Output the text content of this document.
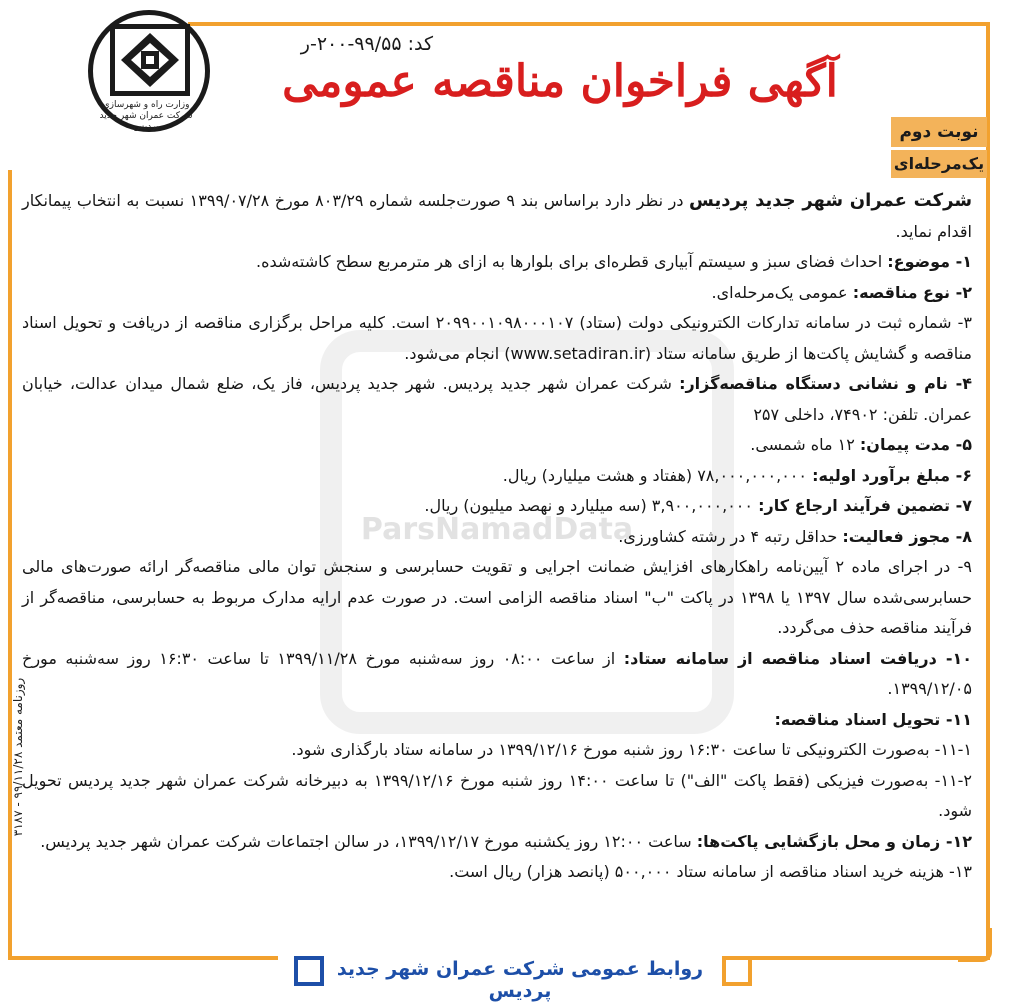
وزارت راه و شهرسازی شرکت عمران شهر جدید پردیس
کد: ۹۹/۵۵-۲۰۰-ر
آگهی فراخوان مناقصه عمومی
نوبت دوم
یک‌مرحله‌ای
ParsNamadData

شرکت عمران شهر جدید پردیس در نظر دارد براساس بند ۹ صورت‌جلسه شماره ۸۰۳/۲۹ مورخ ۱۳۹۹/۰۷/۲۸ نسبت به انتخاب پیمانکار اقدام نماید.

۱- موضوع: احداث فضای سبز و سیستم آبیاری قطره‌ای برای بلوارها به ازای هر مترمربع سطح کاشته‌شده.

۲- نوع مناقصه: عمومی یک‌مرحله‌ای.

۳- شماره ثبت در سامانه تدارکات الکترونیکی دولت (ستاد) ۲۰۹۹۰۰۱۰۹۸۰۰۰۱۰۷ است. کلیه مراحل برگزاری مناقصه از دریافت و تحویل اسناد مناقصه و گشایش پاکت‌ها از طریق سامانه ستاد (www.setadiran.ir) انجام می‌شود.

۴- نام و نشانی دستگاه مناقصه‌گزار: شرکت عمران شهر جدید پردیس. شهر جدید پردیس، فاز یک، ضلع شمال میدان عدالت، خیابان عمران. تلفن: ۷۴۹۰۲، داخلی ۲۵۷

۵- مدت پیمان: ۱۲ ماه شمسی.

۶- مبلغ برآورد اولیه: ۷۸,۰۰۰,۰۰۰,۰۰۰ (هفتاد و هشت میلیارد) ریال.

۷- تضمین فرآیند ارجاع کار: ۳,۹۰۰,۰۰۰,۰۰۰ (سه میلیارد و نهصد میلیون) ریال.

۸- مجوز فعالیت: حداقل رتبه ۴ در رشته کشاورزی.

۹- در اجرای ماده ۲ آیین‌نامه راهکارهای افزایش ضمانت اجرایی و تقویت حسابرسی و سنجش توان مالی مناقصه‌گر ارائه صورت‌های مالی حسابرسی‌شده سال ۱۳۹۷ یا ۱۳۹۸ در پاکت "ب" اسناد مناقصه الزامی است. در صورت عدم ارایه مدارک مربوط به حسابرسی، مناقصه‌گر از فرآیند مناقصه حذف می‌گردد.

۱۰- دریافت اسناد مناقصه از سامانه ستاد: از ساعت ۰۸:۰۰ روز سه‌شنبه مورخ ۱۳۹۹/۱۱/۲۸ تا ساعت ۱۶:۳۰ روز سه‌شنبه مورخ ۱۳۹۹/۱۲/۰۵.

۱۱- تحویل اسناد مناقصه:

۱۱-۱- به‌صورت الکترونیکی تا ساعت ۱۶:۳۰ روز شنبه مورخ ۱۳۹۹/۱۲/۱۶ در سامانه ستاد بارگذاری شود.

۱۱-۲- به‌صورت فیزیکی (فقط پاکت "الف") تا ساعت ۱۴:۰۰ روز شنبه مورخ ۱۳۹۹/۱۲/۱۶ به دبیرخانه شرکت عمران شهر جدید پردیس تحویل شود.

۱۲- زمان و محل بازگشایی پاکت‌ها: ساعت ۱۲:۰۰ روز یکشنبه مورخ ۱۳۹۹/۱۲/۱۷، در سالن اجتماعات شرکت عمران شهر جدید پردیس.

۱۳- هزینه خرید اسناد مناقصه از سامانه ستاد ۵۰۰,۰۰۰ (پانصد هزار) ریال است.

روزنامه معتمد ۹۹/۱۱/۲۸ - ۳۱۸۷
روابط عمومی شرکت عمران شهر جدید پردیس
